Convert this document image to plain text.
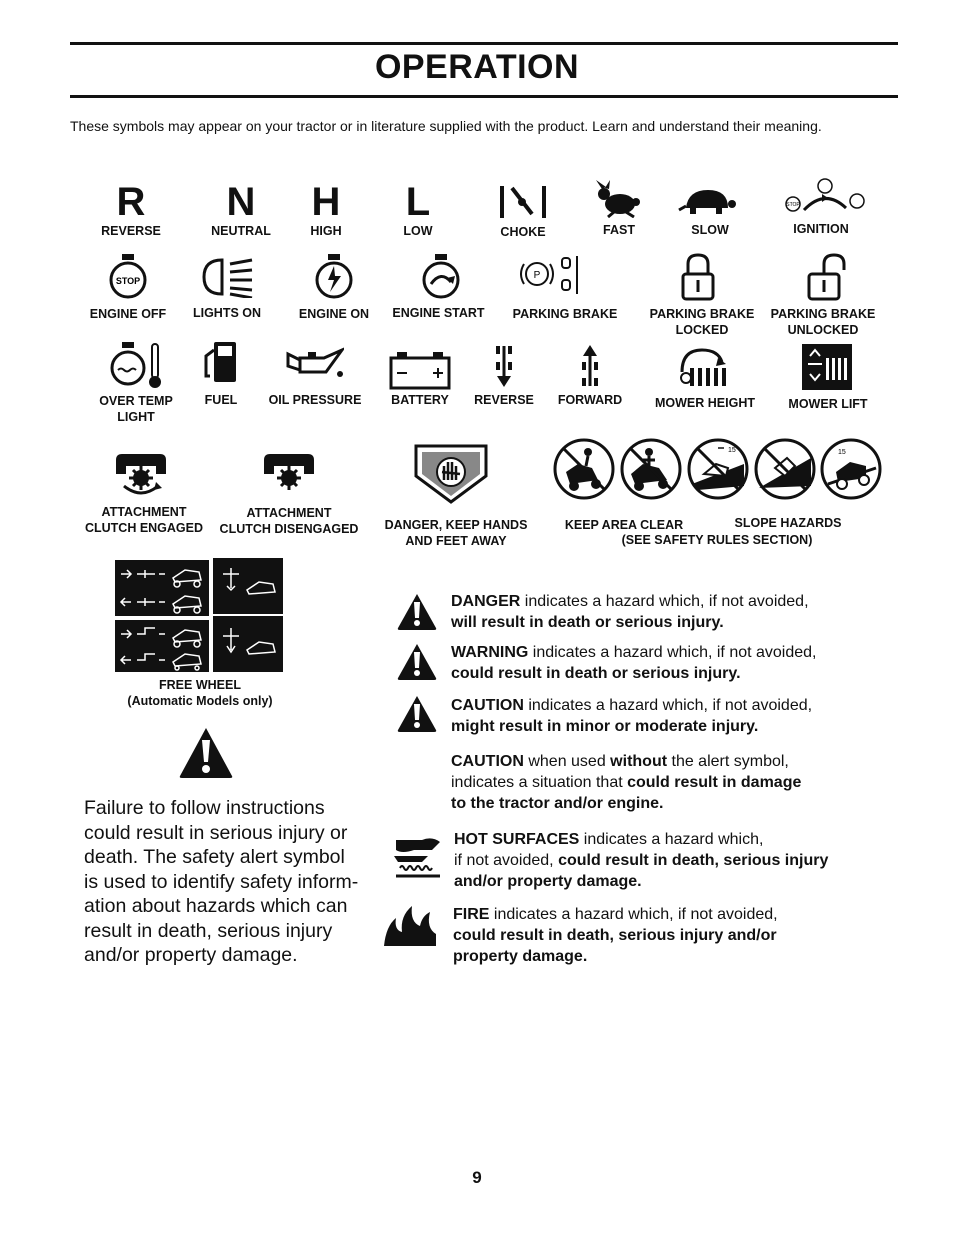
OPERATION
These symbols may appear on your tractor or in literature supplied with the product. Learn and understand their meaning.
R
REVERSE
N
NEUTRAL
H
HIGH
L
LOW	CHOKE	FAST	SLOW
STOP
IGNITION
STOP
ENGINE OFF	LIGHTS ON	ENGINE ON	ENGINE START
P
PARKING BRAKE	PARKING BRAKE
LOCKED
PARKING BRAKE
UNLOCKED
OVER TEMP
LIGHT
FUEL	OIL PRESSURE	BATTERY	REVERSE	FORWARD	MOWER HEIGHT	MOWER LIFT
ATTACHMENT
CLUTCH ENGAGED
ATTACHMENT
CLUTCH DISENGAGED	DANGER, KEEP HANDS
AND FEET AWAY
15	15
KEEP AREA CLEAR	SLOPE HAZARDS
(SEE SAFETY RULES SECTION)
FREE WHEEL
(Automatic Models only)
Failure to follow instructions
could result in serious injury or
death. The safety alert symbol
is used to identify safety inform-
ation about hazards which can
result in death, serious injury
and/or property damage.
DANGER indicates a hazard which, if not avoided,
will result in death or serious injury.
WARNING indicates a hazard which, if not avoided,
could result in death or serious injury.
CAUTION indicates a hazard which, if not avoided,
might result in minor or moderate injury.
CAUTION when used without the alert symbol,
indicates a situation that could result in damage
to the tractor and/or engine.
HOT SURFACES indicates a hazard which,
if not avoided, could result in death, serious injury
and/or property damage.
FIRE indicates a hazard which, if not avoided,
could result in death, serious injury and/or
property damage.
9
